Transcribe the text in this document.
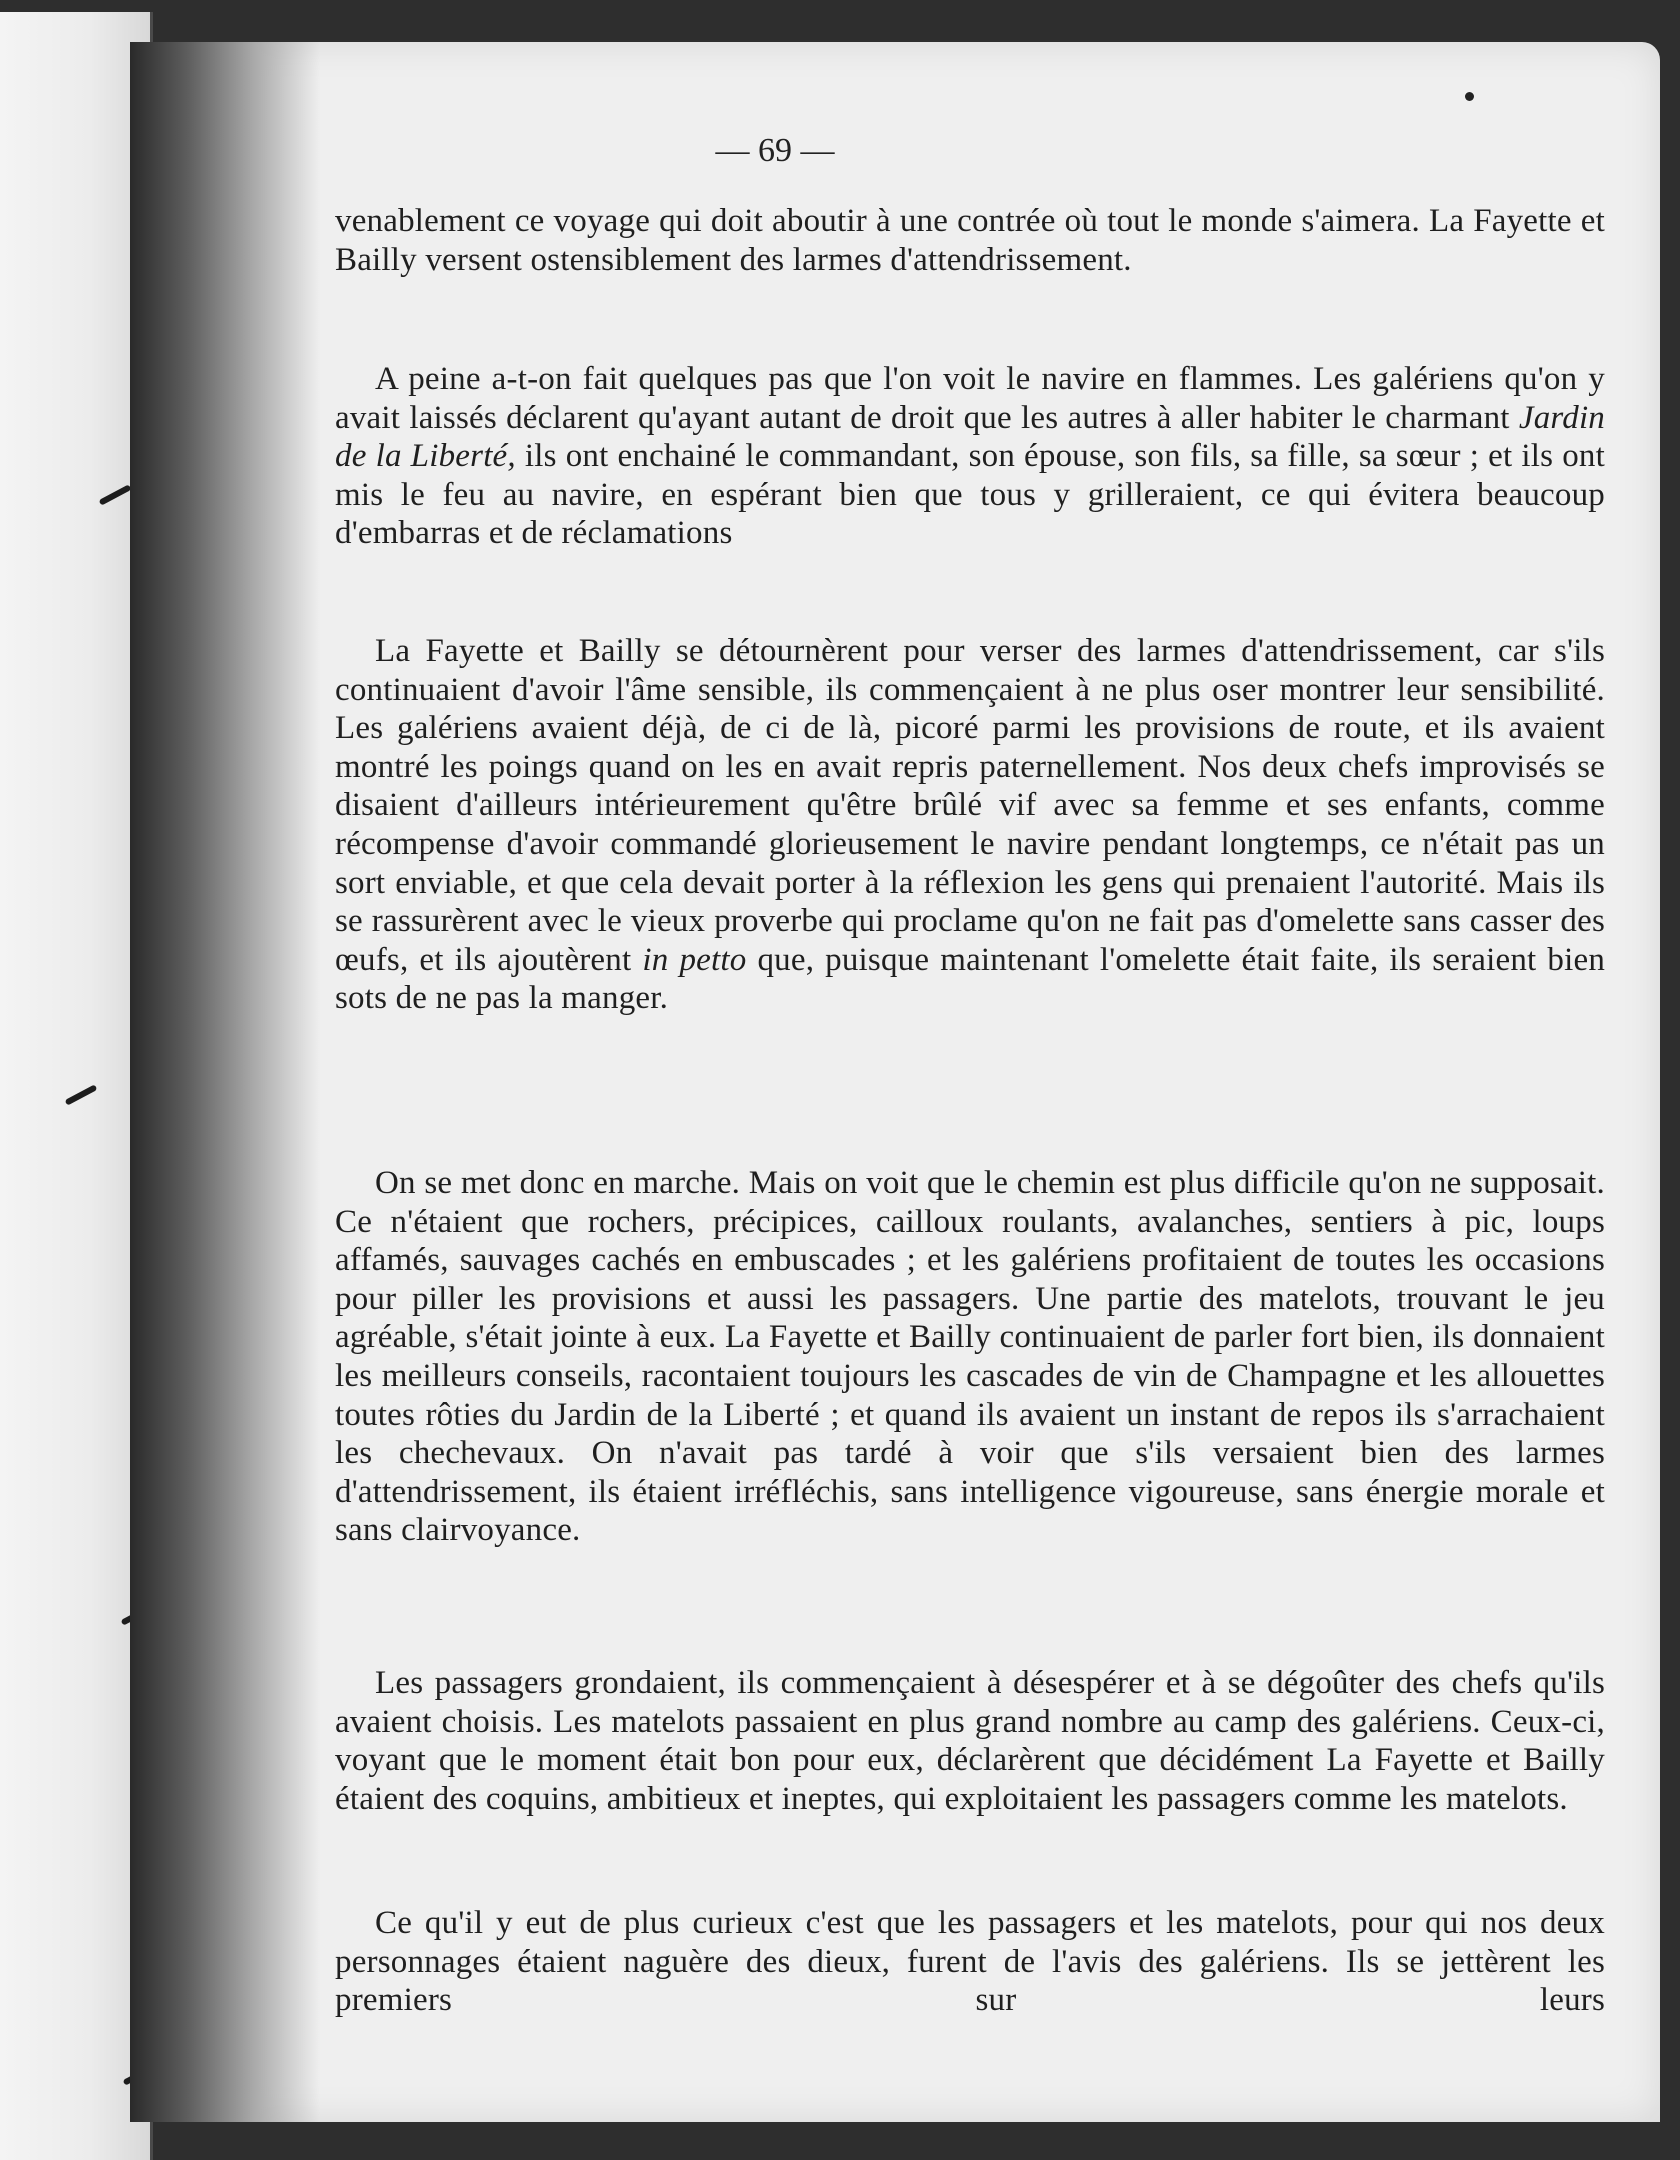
— 69 —

venablement ce voyage qui doit aboutir à une contrée où tout le monde s'aimera. La Fayette et Bailly versent ostensiblement des larmes d'attendrissement.

A peine a-t-on fait quelques pas que l'on voit le navire en flammes. Les galériens qu'on y avait laissés déclarent qu'ayant autant de droit que les autres à aller habiter le charmant Jardin de la Liberté, ils ont enchainé le commandant, son épouse, son fils, sa fille, sa sœur ; et ils ont mis le feu au navire, en espérant bien que tous y grilleraient, ce qui évitera beaucoup d'embarras et de réclamations

La Fayette et Bailly se détournèrent pour verser des larmes d'attendrissement, car s'ils continuaient d'avoir l'âme sensible, ils commençaient à ne plus oser montrer leur sensibilité. Les galériens avaient déjà, de ci de là, picoré parmi les provisions de route, et ils avaient montré les poings quand on les en avait repris paternellement. Nos deux chefs improvisés se disaient d'ailleurs intérieurement qu'être brûlé vif avec sa femme et ses enfants, comme récompense d'avoir commandé glorieusement le navire pendant longtemps, ce n'était pas un sort enviable, et que cela devait porter à la réflexion les gens qui prenaient l'autorité. Mais ils se rassurèrent avec le vieux proverbe qui proclame qu'on ne fait pas d'omelette sans casser des œufs, et ils ajoutèrent in petto que, puisque maintenant l'omelette était faite, ils seraient bien sots de ne pas la manger.

On se met donc en marche. Mais on voit que le chemin est plus difficile qu'on ne supposait. Ce n'étaient que rochers, précipices, cailloux roulants, avalanches, sentiers à pic, loups affamés, sauvages cachés en embuscades ; et les galériens profitaient de toutes les occasions pour piller les provisions et aussi les passagers. Une partie des matelots, trouvant le jeu agréable, s'était jointe à eux. La Fayette et Bailly continuaient de parler fort bien, ils donnaient les meilleurs conseils, racontaient toujours les cascades de vin de Champagne et les allouettes toutes rôties du Jardin de la Liberté ; et quand ils avaient un instant de repos ils s'arrachaient les chechevaux. On n'avait pas tardé à voir que s'ils versaient bien des larmes d'attendrissement, ils étaient irréfléchis, sans intelligence vigoureuse, sans énergie morale et sans clairvoyance.

Les passagers grondaient, ils commençaient à désespérer et à se dégoûter des chefs qu'ils avaient choisis. Les matelots passaient en plus grand nombre au camp des galériens. Ceux-ci, voyant que le moment était bon pour eux, déclarèrent que décidément La Fayette et Bailly étaient des coquins, ambitieux et ineptes, qui exploitaient les passagers comme les matelots.

Ce qu'il y eut de plus curieux c'est que les passagers et les matelots, pour qui nos deux personnages étaient naguère des dieux, furent de l'avis des galériens. Ils se jettèrent les premiers sur leurs
